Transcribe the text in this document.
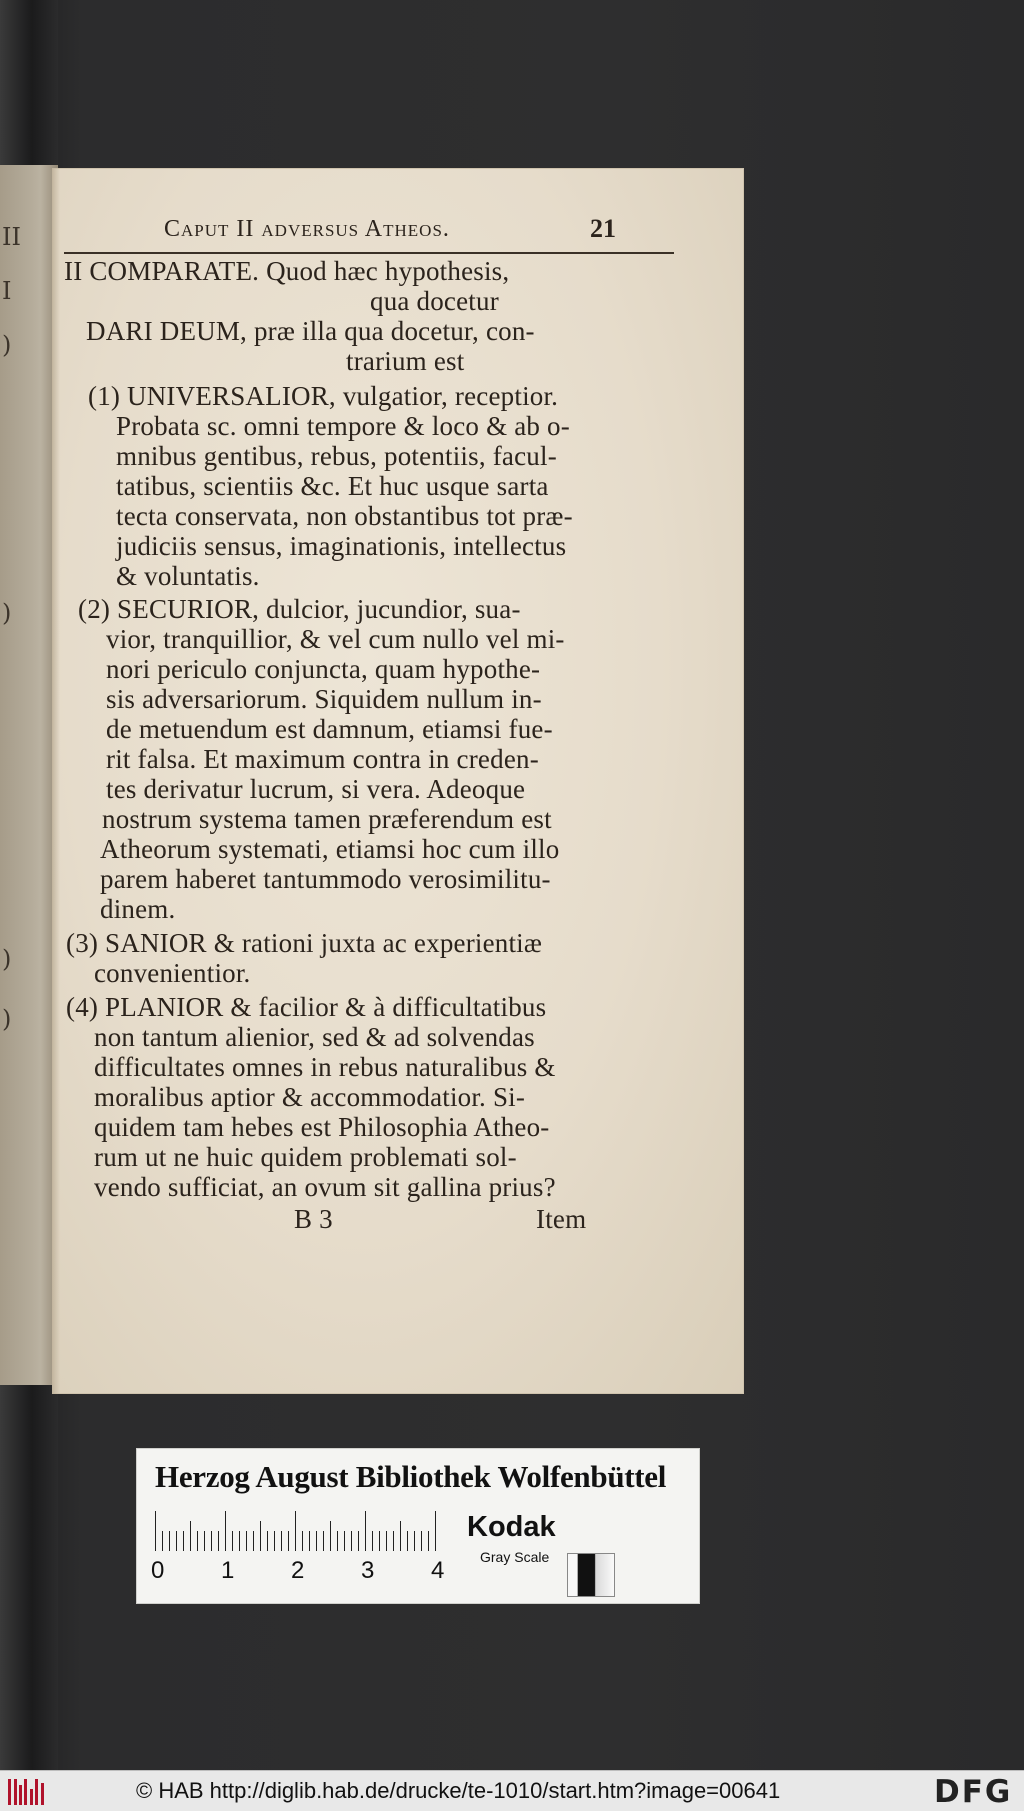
II
I
)
)
)
)
Caput II adversus Atheos.	21
II COMPARATE. Quod hæc hypothesis,
qua docetur
DARI DEUM, præ illa qua docetur, con-
trarium est
(1) UNIVERSALIOR, vulgatior, receptior.
Probata sc. omni tempore & loco & ab o-
mnibus gentibus, rebus, potentiis, facul-
tatibus, scientiis &c. Et huc usque sarta
tecta conservata, non obstantibus tot præ-
judiciis sensus, imaginationis, intellectus
& voluntatis.
(2) SECURIOR, dulcior, jucundior, sua-
vior, tranquillior, & vel cum nullo vel mi-
nori periculo conjuncta, quam hypothe-
sis adversariorum. Siquidem nullum in-
de metuendum est damnum, etiamsi fue-
rit falsa. Et maximum contra in creden-
tes derivatur lucrum, si vera. Adeoque
nostrum systema tamen præferendum est
Atheorum systemati, etiamsi hoc cum illo
parem haberet tantummodo verosimilitu-
dinem.
(3) SANIOR & rationi juxta ac experientiæ
convenientior.
(4) PLANIOR & facilior & à difficultatibus
non tantum alienior, sed & ad solvendas
difficultates omnes in rebus naturalibus &
moralibus aptior & accommodatior. Si-
quidem tam hebes est Philosophia Atheo-
rum ut ne huic quidem problemati sol-
vendo sufficiat, an ovum sit gallina prius?
B 3	Item
Herzog August Bibliothek Wolfenbüttel
0 1 2 3 4
Kodak
Gray Scale
© HAB http://diglib.hab.de/drucke/te-1010/start.htm?image=00641	DFG
